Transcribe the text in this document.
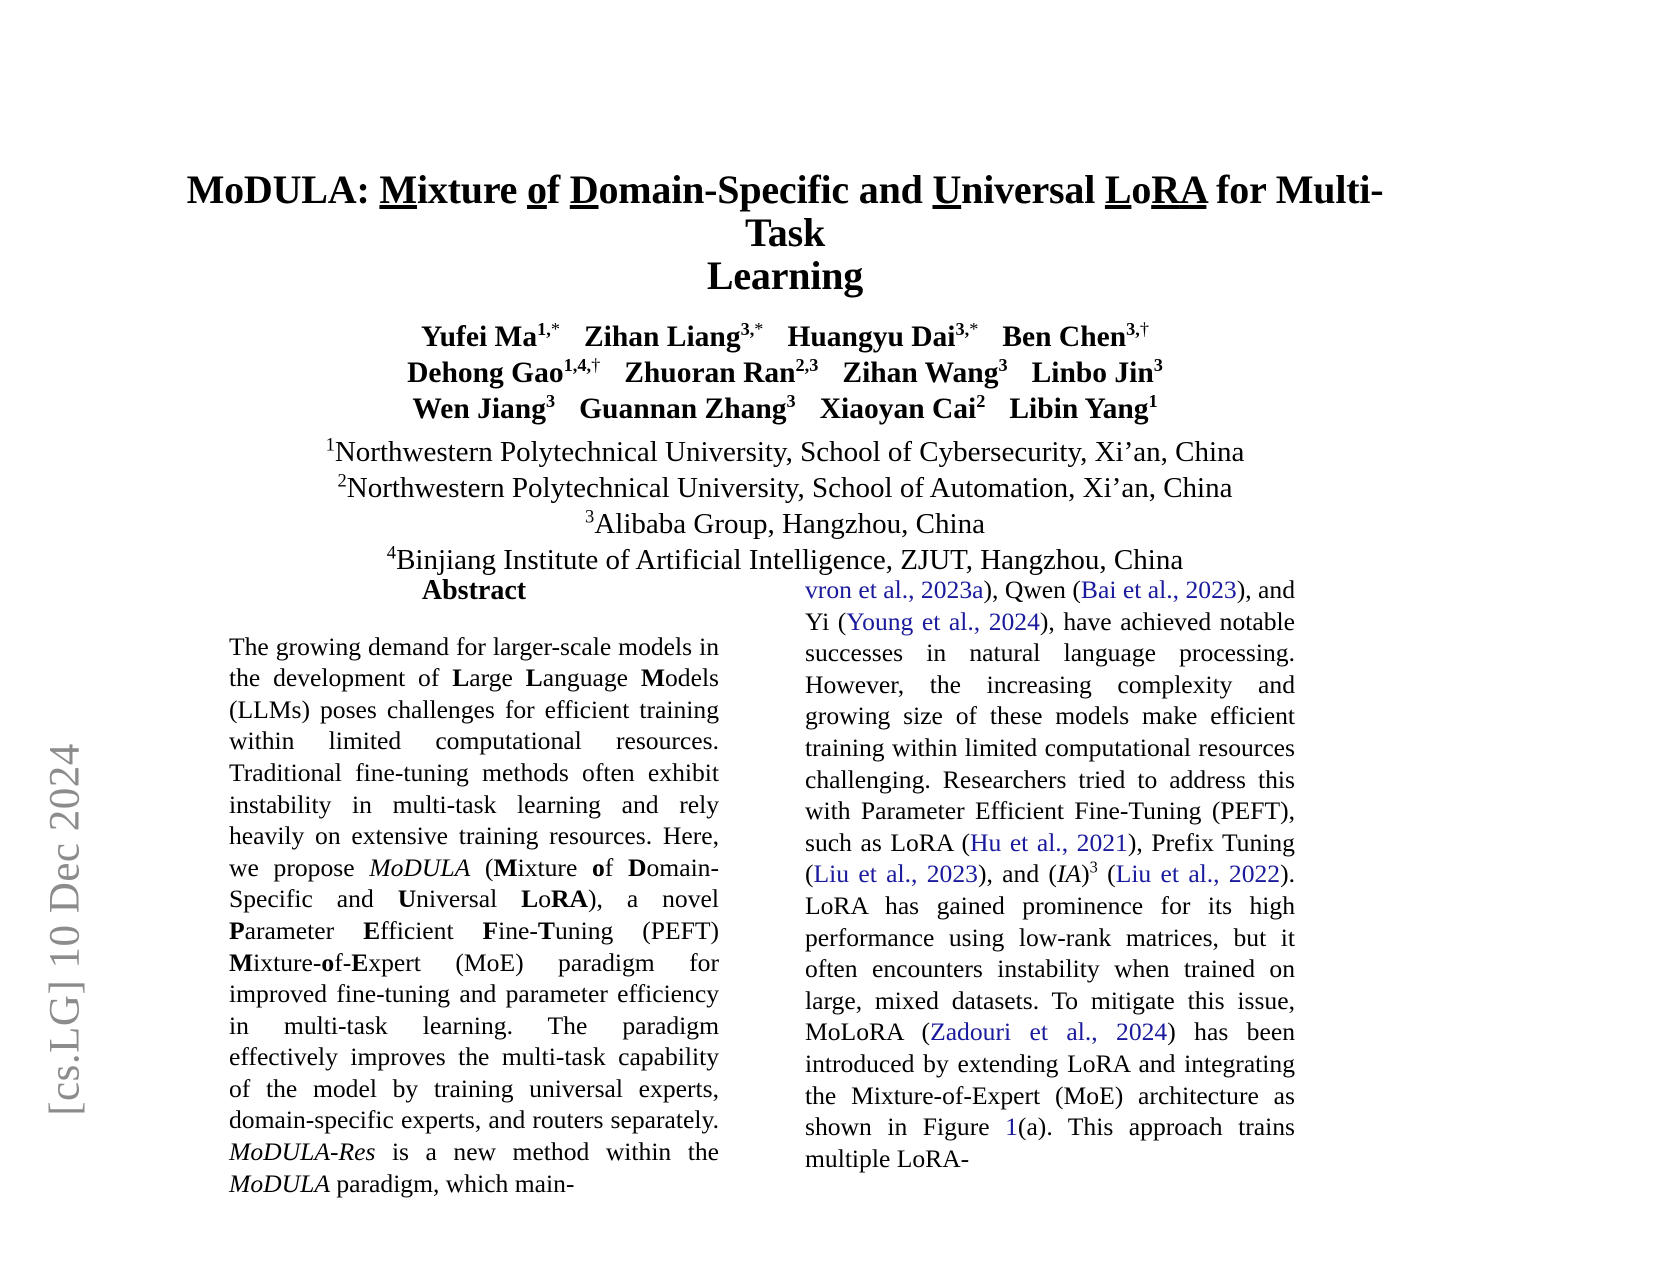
[cs.LG] 10 Dec 2024
MoDULA: Mixture of Domain-Specific and Universal LoRA for Multi-Task
Learning
Yufei $Ma^{1,*}$ Zihan Liang$^{3,*}$ Huangyu Dai$^{3,*}$ Ben Chen$^{3,\dagger}$
Dehong Gao$^{1,4,\dagger}$ Zhuoran Ran$^{2,3}$ Zihan Wang$^3$ Linbo Jin$^3$
Wen Jiang$^3$ Guannan Zhang$^3$ Xiaoyan Cai$^2$ Libin Yang$^1$
$^1$Northwestern Polytechnical University, School of Cybersecurity, Xi’an, China
$^2$Northwestern Polytechnical University, School of Automation, Xi’an, China
$^3$Alibaba Group, Hangzhou, China
$^4$Binjiang Institute of Artificial Intelligence, ZJUT, Hangzhou, China
Abstract

The growing demand for larger-scale models in the development of Large Language Models (LLMs) poses challenges for efficient training within limited computational resources. Traditional fine-tuning methods often exhibit instability in multi-task learning and rely heavily on extensive training resources. Here, we propose MoDULA (Mixture of Domain-Specific and Universal LoRA), a novel Parameter Efficient Fine-Tuning (PEFT) Mixture-of-Expert (MoE) paradigm for improved fine-tuning and parameter efficiency in multi-task learning. The paradigm effectively improves the multi-task capability of the model by training universal experts, domain-specific experts, and routers separately. MoDULA-Res is a new method within the MoDULA paradigm, which main-

vron et al., 2023a), Qwen (Bai et al., 2023), and Yi (Young et al., 2024), have achieved notable successes in natural language processing. However, the increasing complexity and growing size of these models make efficient training within limited computational resources challenging. Researchers tried to address this with Parameter Efficient Fine-Tuning (PEFT), such as LoRA (Hu et al., 2021), Prefix Tuning (Liu et al., 2023), and (IA)$^3$ (Liu et al., 2022). LoRA has gained prominence for its high performance using low-rank matrices, but it often encounters instability when trained on large, mixed datasets. To mitigate this issue, MoLoRA (Zadouri et al., 2024) has been introduced by extending LoRA and integrating the Mixture-of-Expert (MoE) architecture as shown in Figure 1(a). This approach trains multiple LoRA-
